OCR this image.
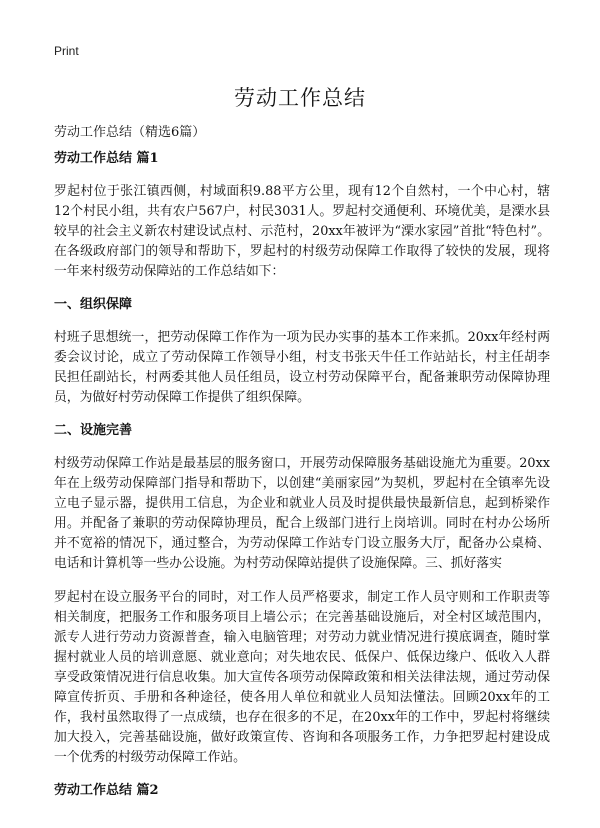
Print
劳动工作总结

劳动工作总结（精选6篇）

劳动工作总结 篇1

罗起村位于张江镇西侧，村域面积9.88平方公里，现有12个自然村，一个中心村，辖12个村民小组，共有农户567户，村民3031人。罗起村交通便利、环境优美，是溧水县较早的社会主义新农村建设试点村、示范村，20xx年被评为“溧水家园”首批“特色村”。在各级政府部门的领导和帮助下，罗起村的村级劳动保障工作取得了较快的发展，现将一年来村级劳动保障站的工作总结如下：

一、组织保障

村班子思想统一，把劳动保障工作作为一项为民办实事的基本工作来抓。20xx年经村两委会议讨论，成立了劳动保障工作领导小组，村支书张天牛任工作站站长，村主任胡李民担任副站长，村两委其他人员任组员，设立村劳动保障平台，配备兼职劳动保障协理员，为做好村劳动保障工作提供了组织保障。

二、设施完善

村级劳动保障工作站是最基层的服务窗口，开展劳动保障服务基础设施尤为重要。20xx年在上级劳动保障部门指导和帮助下，以创建“美丽家园”为契机，罗起村在全镇率先设立电子显示器，提供用工信息，为企业和就业人员及时提供最快最新信息，起到桥梁作用。并配备了兼职的劳动保障协理员，配合上级部门进行上岗培训。同时在村办公场所并不宽裕的情况下，通过整合，为劳动保障工作站专门设立服务大厅，配备办公桌椅、电话和计算机等一些办公设施。为村劳动保障站提供了设施保障。三、抓好落实

罗起村在设立服务平台的同时，对工作人员严格要求，制定工作人员守则和工作职责等相关制度，把服务工作和服务项目上墙公示；在完善基础设施后，对全村区域范围内，派专人进行劳动力资源普查，输入电脑管理；对劳动力就业情况进行摸底调查，随时掌握村就业人员的培训意愿、就业意向；对失地农民、低保户、低保边缘户、低收入人群享受政策情况进行信息收集。加大宣传各项劳动保障政策和相关法律法规，通过劳动保障宣传折页、手册和各种途径，使各用人单位和就业人员知法懂法。回顾20xx年的工作，我村虽然取得了一点成绩，也存在很多的不足，在20xx年的工作中，罗起村将继续加大投入，完善基础设施，做好政策宣传、咨询和各项服务工作，力争把罗起村建设成一个优秀的村级劳动保障工作站。

劳动工作总结 篇2
